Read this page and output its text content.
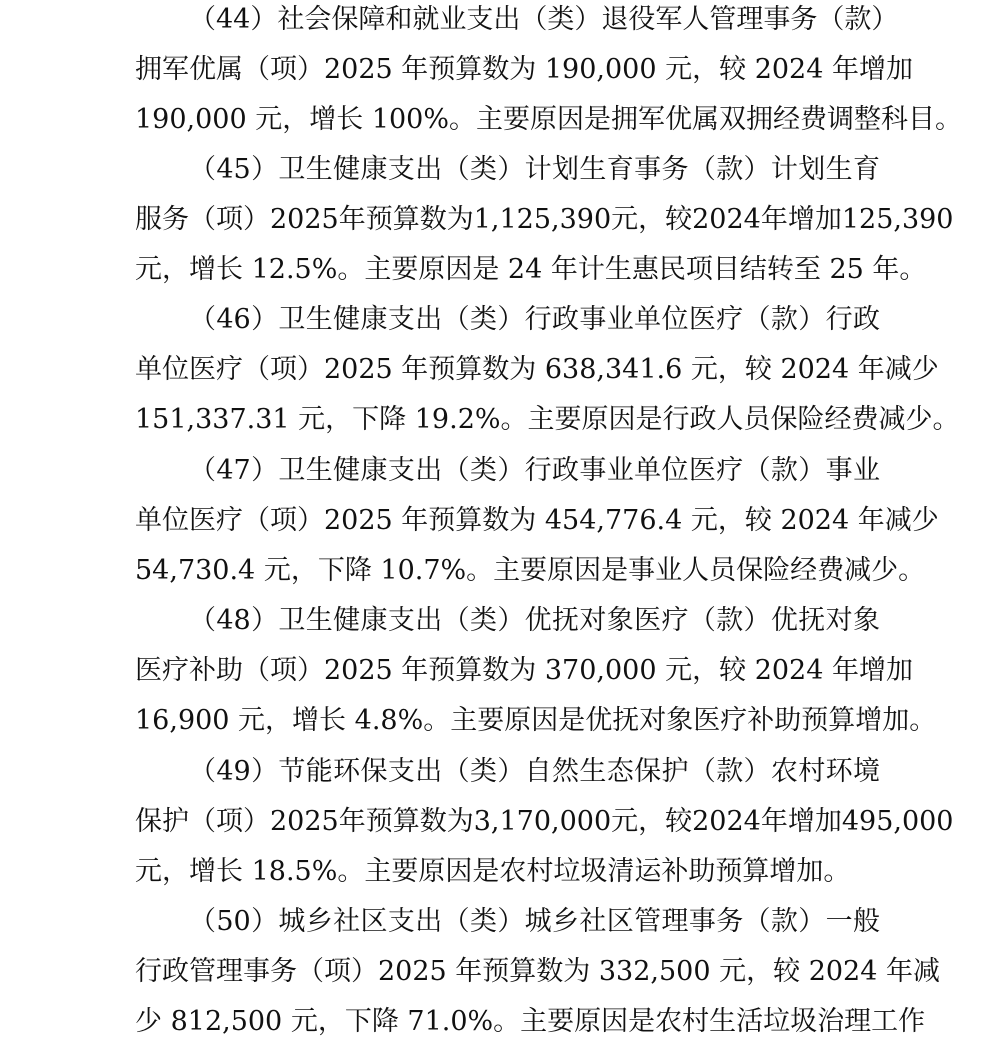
（44）社会保障和就业支出（类）退役军人管理事务（款）
拥军优属（项）2025 年预算数为 190,000 元，较 2024 年增加
190,000 元，增长 100%。主要原因是拥军优属双拥经费调整科目。
（45）卫生健康支出（类）计划生育事务（款）计划生育
服务（项）2025年预算数为1,125,390元，较2024年增加125,390
元，增长 12.5%。主要原因是 24 年计生惠民项目结转至 25 年。
（46）卫生健康支出（类）行政事业单位医疗（款）行政
单位医疗（项）2025 年预算数为 638,341.6 元，较 2024 年减少
151,337.31 元，下降 19.2%。主要原因是行政人员保险经费减少。
（47）卫生健康支出（类）行政事业单位医疗（款）事业
单位医疗（项）2025 年预算数为 454,776.4 元，较 2024 年减少
54,730.4 元，下降 10.7%。主要原因是事业人员保险经费减少。
（48）卫生健康支出（类）优抚对象医疗（款）优抚对象
医疗补助（项）2025 年预算数为 370,000 元，较 2024 年增加
16,900 元，增长 4.8%。主要原因是优抚对象医疗补助预算增加。
（49）节能环保支出（类）自然生态保护（款）农村环境
保护（项）2025年预算数为3,170,000元，较2024年增加495,000
元，增长 18.5%。主要原因是农村垃圾清运补助预算增加。
（50）城乡社区支出（类）城乡社区管理事务（款）一般
行政管理事务（项）2025 年预算数为 332,500 元，较 2024 年减
少 812,500 元，下降 71.0%。主要原因是农村生活垃圾治理工作
